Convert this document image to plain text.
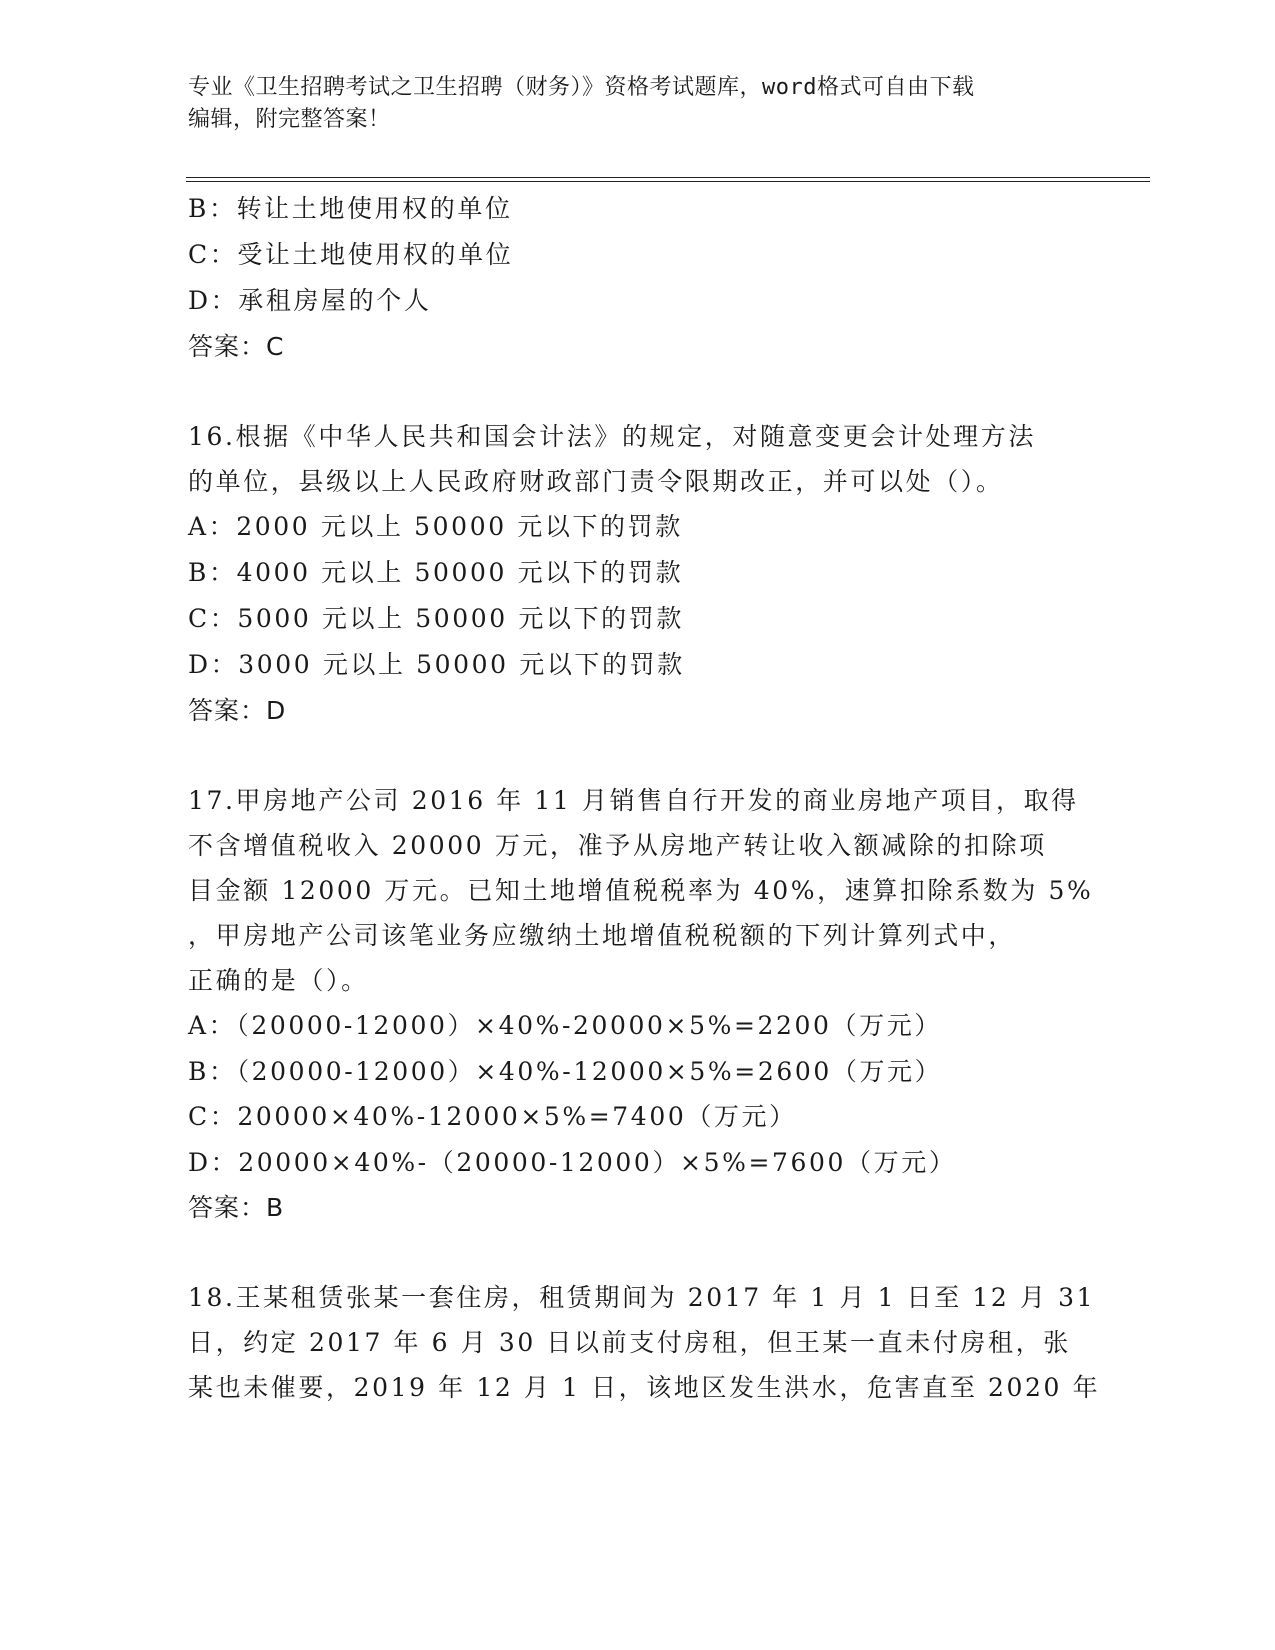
专业《卫生招聘考试之卫生招聘（财务）》资格考试题库，word格式可自由下载
编辑，附完整答案！
B：转让土地使用权的单位
C：受让土地使用权的单位
D：承租房屋的个人
答案：C
16.根据《中华人民共和国会计法》的规定，对随意变更会计处理方法
的单位，县级以上人民政府财政部门责令限期改正，并可以处（）。
A：2000 元以上 50000 元以下的罚款
B：4000 元以上 50000 元以下的罚款
C：5000 元以上 50000 元以下的罚款
D：3000 元以上 50000 元以下的罚款
答案：D
17.甲房地产公司 2016 年 11 月销售自行开发的商业房地产项目，取得
不含增值税收入 20000 万元，准予从房地产转让收入额减除的扣除项
目金额 12000 万元。已知土地增值税税率为 40%，速算扣除系数为 5%
，甲房地产公司该笔业务应缴纳土地增值税税额的下列计算列式中，
正确的是（）。
A：（20000-12000）×40%-20000×5%=2200（万元）
B：（20000-12000）×40%-12000×5%=2600（万元）
C：20000×40%-12000×5%=7400（万元）
D：20000×40%-（20000-12000）×5%=7600（万元）
答案：B
18.王某租赁张某一套住房，租赁期间为 2017 年 1 月 1 日至 12 月 31
日，约定 2017 年 6 月 30 日以前支付房租，但王某一直未付房租，张
某也未催要，2019 年 12 月 1 日，该地区发生洪水，危害直至 2020 年
